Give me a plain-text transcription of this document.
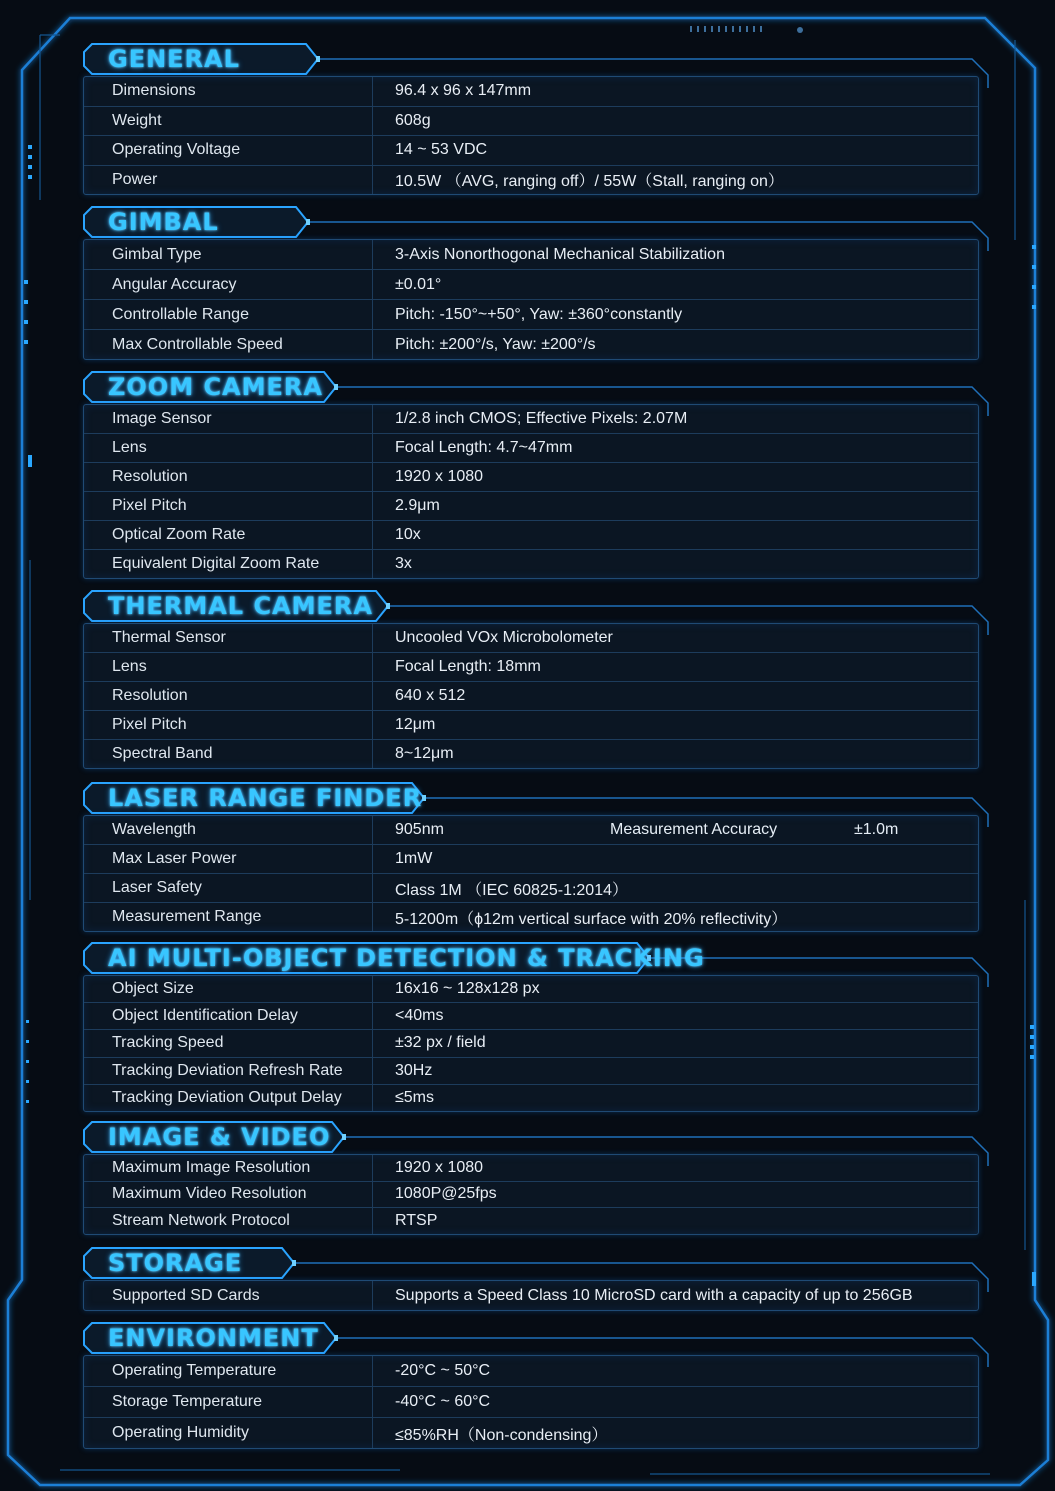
GENERAL
Dimensions	96.4 x 96 x 147mm
Weight	608g
Operating Voltage	14 ~ 53 VDC
Power	10.5W （AVG, ranging off）/ 55W（Stall, ranging on）
GIMBAL
Gimbal Type	3-Axis Nonorthogonal Mechanical Stabilization
Angular Accuracy	±0.01°
Controllable Range	Pitch: -150°~+50°, Yaw: ±360°constantly
Max Controllable Speed	Pitch: ±200°/s, Yaw: ±200°/s
ZOOM CAMERA
Image Sensor	1/2.8 inch CMOS; Effective Pixels: 2.07M
Lens	Focal Length: 4.7~47mm
Resolution	1920 x 1080
Pixel Pitch	2.9μm
Optical Zoom Rate	10x
Equivalent Digital Zoom Rate	3x
THERMAL CAMERA
Thermal Sensor	Uncooled VOx Microbolometer
Lens	Focal Length: 18mm
Resolution	640 x 512
Pixel Pitch	12μm
Spectral Band	8~12μm
LASER RANGE FINDER
Wavelength	905nm	Measurement Accuracy	±1.0m
Max Laser Power	1mW
Laser Safety	Class 1M （IEC 60825-1:2014）
Measurement Range	5-1200m（ϕ12m vertical surface with 20% reflectivity）
AI MULTI-OBJECT DETECTION & TRACKING
Object Size	16x16 ~ 128x128 px
Object Identification Delay	<40ms
Tracking Speed	±32 px / field
Tracking Deviation Refresh Rate	30Hz
Tracking Deviation Output Delay	≤5ms
IMAGE & VIDEO
Maximum Image Resolution	1920 x 1080
Maximum Video Resolution	1080P@25fps
Stream Network Protocol	RTSP
STORAGE
Supported SD Cards	Supports a Speed Class 10 MicroSD card with a capacity of up to 256GB
ENVIRONMENT
Operating Temperature	-20°C ~ 50°C
Storage Temperature	-40°C ~ 60°C
Operating Humidity	≤85%RH（Non-condensing）
